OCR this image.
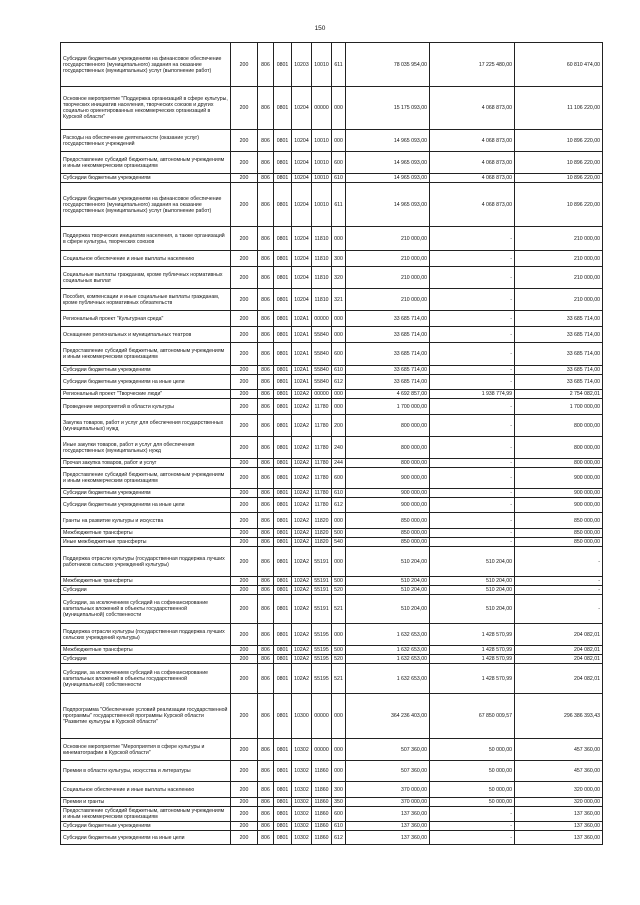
150
Субсидии бюджетным учреждениям на финансовое обеспечение государственного (муниципального) задания на оказание государственных (муниципальных) услуг (выполнение работ)	200	806	0801	10203	10010	611	78 035 954,00	17 225 480,00	60 810 474,00
Основное мероприятие "Поддержка организаций в сфере культуры, творческих инициатив населения, творческих союзов и других социально ориентированных некоммерческих организаций в Курской области"	200	806	0801	10204	00000	000	15 175 093,00	4 068 873,00	11 106 220,00
Расходы на обеспечение деятельности (оказание услуг) государственных учреждений	200	806	0801	10204	10010	000	14 965 093,00	4 068 873,00	10 896 220,00
Предоставление субсидий бюджетным, автономным учреждениям и иным некоммерческим организациям	200	806	0801	10204	10010	600	14 965 093,00	4 068 873,00	10 896 220,00
Субсидии бюджетным учреждениям	200	806	0801	10204	10010	610	14 965 093,00	4 068 873,00	10 896 220,00
Субсидии бюджетным учреждениям на финансовое обеспечение государственного (муниципального) задания на оказание государственных (муниципальных) услуг (выполнение работ)	200	806	0801	10204	10010	611	14 965 093,00	4 068 873,00	10 896 220,00
Поддержка творческих инициатив населения, а также организаций в сфере культуры, творческих союзов	200	806	0801	10204	11810	000	210 000,00	-	210 000,00
Социальное обеспечение и иные выплаты населению	200	806	0801	10204	11810	300	210 000,00	-	210 000,00
Социальные выплаты гражданам, кроме публичных нормативных социальных выплат	200	806	0801	10204	11810	320	210 000,00	-	210 000,00
Пособия, компенсации и иные социальные выплаты гражданам, кроме публичных нормативных обязательств	200	806	0801	10204	11810	321	210 000,00	-	210 000,00
Региональный проект "Культурная среда"	200	806	0801	102A1	00000	000	33 685 714,00	-	33 685 714,00
Оснащение региональных и муниципальных театров	200	806	0801	102A1	55840	000	33 685 714,00	-	33 685 714,00
Предоставление субсидий бюджетным, автономным учреждениям и иным некоммерческим организациям	200	806	0801	102A1	55840	600	33 685 714,00	-	33 685 714,00
Субсидии бюджетным учреждениям	200	806	0801	102A1	55840	610	33 685 714,00	-	33 685 714,00
Субсидии бюджетным учреждениям на иные цели	200	806	0801	102A1	55840	612	33 685 714,00	-	33 685 714,00
Региональный проект "Творческие люди"	200	806	0801	102A2	00000	000	4 692 857,00	1 938 774,99	2 754 082,01
Проведение мероприятий в области культуры	200	806	0801	102A2	11780	000	1 700 000,00	-	1 700 000,00
Закупка товаров, работ и услуг для обеспечения государственных (муниципальных) нужд	200	806	0801	102A2	11780	200	800 000,00	-	800 000,00
Иные закупки товаров, работ и услуг для обеспечения государственных (муниципальных) нужд	200	806	0801	102A2	11780	240	800 000,00	-	800 000,00
Прочая закупка товаров, работ и услуг	200	806	0801	102A2	11780	244	800 000,00	-	800 000,00
Предоставление субсидий бюджетным, автономным учреждениям и иным некоммерческим организациям	200	806	0801	102A2	11780	600	900 000,00	-	900 000,00
Субсидии бюджетным учреждениям	200	806	0801	102A2	11780	610	900 000,00	-	900 000,00
Субсидии бюджетным учреждениям на иные цели	200	806	0801	102A2	11780	612	900 000,00	-	900 000,00
Гранты на развитие культуры и искусства	200	806	0801	102A2	11820	000	850 000,00	-	850 000,00
Межбюджетные трансферты	200	806	0801	102A2	11820	500	850 000,00	-	850 000,00
Иные межбюджетные трансферты	200	806	0801	102A2	11820	540	850 000,00	-	850 000,00
Поддержка отрасли культуры (государственная поддержка лучших работников сельских учреждений культуры)	200	806	0801	102A2	55191	000	510 204,00	510 204,00	-
Межбюджетные трансферты	200	806	0801	102A2	55191	500	510 204,00	510 204,00	-
Субсидии	200	806	0801	102A2	55191	520	510 204,00	510 204,00	-
Субсидии, за исключением субсидий на софинансирование капитальных вложений в объекты государственной (муниципальной) собственности	200	806	0801	102A2	55191	521	510 204,00	510 204,00	-
Поддержка отрасли культуры (государственная поддержка лучших сельских учреждений культуры)	200	806	0801	102A2	55195	000	1 632 653,00	1 428 570,99	204 082,01
Межбюджетные трансферты	200	806	0801	102A2	55195	500	1 632 653,00	1 428 570,99	204 082,01
Субсидии	200	806	0801	102A2	55195	520	1 632 653,00	1 428 570,99	204 082,01
Субсидии, за исключением субсидий на софинансирование капитальных вложений в объекты государственной (муниципальной) собственности	200	806	0801	102A2	55195	521	1 632 653,00	1 428 570,99	204 082,01
Подпрограмма "Обеспечение условий реализации государственной программы" государственной программы Курской области "Развитие культуры в Курской области"	200	806	0801	10300	00000	000	364 236 403,00	67 850 009,57	296 386 393,43
Основное мероприятие "Мероприятия в сфере культуры и кинематографии в Курской области"	200	806	0801	10302	00000	000	507 360,00	50 000,00	457 360,00
Премии в области культуры, искусства и литературы	200	806	0801	10302	11860	000	507 360,00	50 000,00	457 360,00
Социальное обеспечение и иные выплаты населению	200	806	0801	10302	11860	300	370 000,00	50 000,00	320 000,00
Премии и гранты	200	806	0801	10302	11860	350	370 000,00	50 000,00	320 000,00
Предоставление субсидий бюджетным, автономным учреждениям и иным некоммерческим организациям	200	806	0801	10302	11860	600	137 360,00	-	137 360,00
Субсидии бюджетным учреждениям	200	806	0801	10302	11860	610	137 360,00	-	137 360,00
Субсидии бюджетным учреждениям на иные цели	200	806	0801	10302	11860	612	137 360,00	-	137 360,00
